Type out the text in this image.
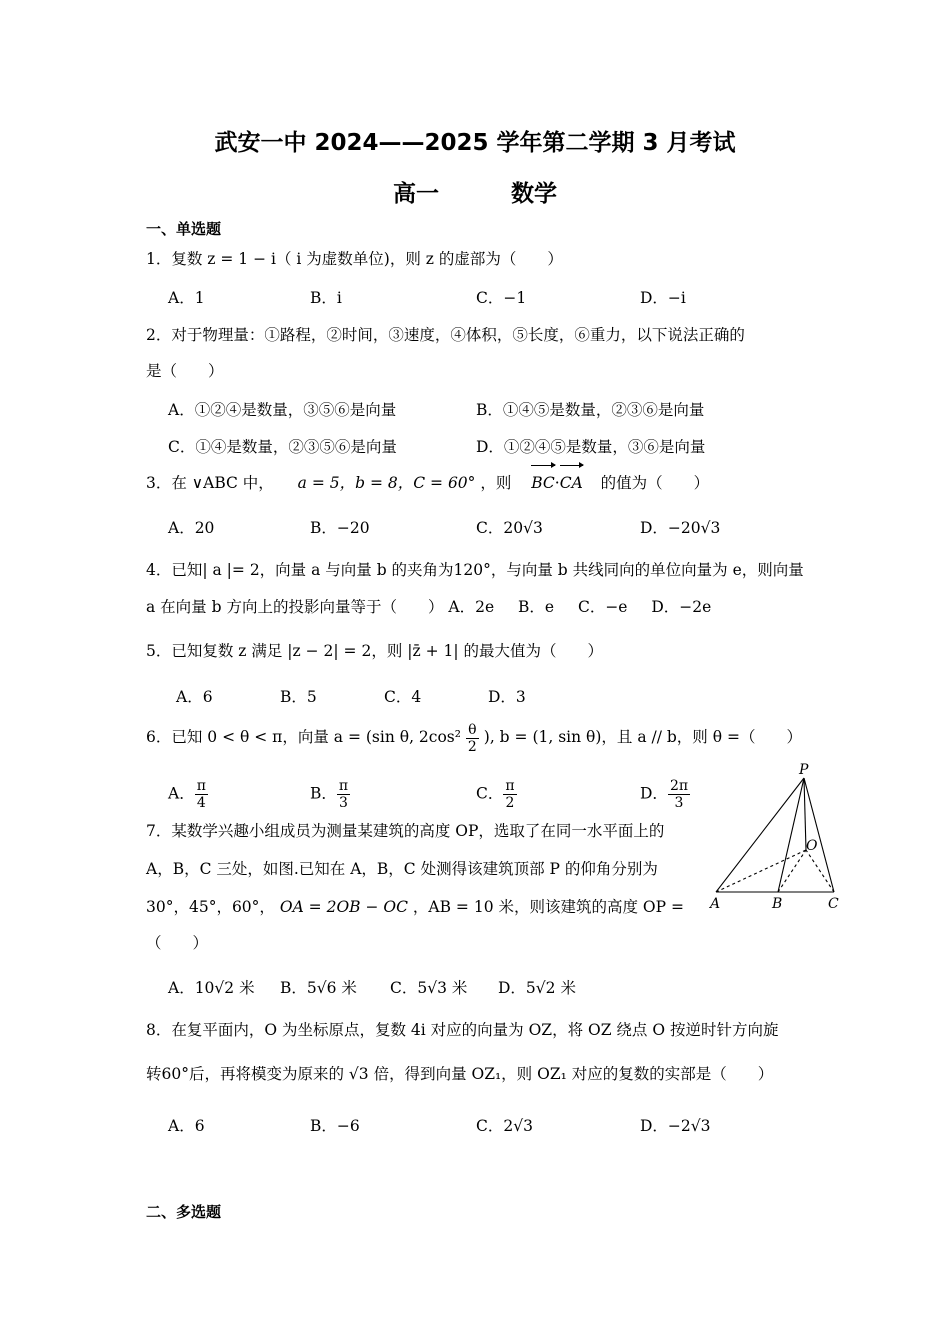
武安一中 2024——2025 学年第二学期 3 月考试
高一	数学
一、单选题
1．复数 z = 1 − i（ i 为虚数单位)，则 z 的虚部为（　　）
A．1	B．i	C．−1	D．−i
2．对于物理量：①路程，②时间，③速度，④体积，⑤长度，⑥重力，以下说法正确的
是（　　）
A．①②④是数量，③⑤⑥是向量	B．①④⑤是数量，②③⑥是向量
C．①④是数量，②③⑤⑥是向量	D．①②④⑤是数量，③⑥是向量
3．在 ∨ABC 中， a = 5，b = 8，C = 60° ，则 BC·CA 的值为（　　）
A．20	B．−20	C．20√3	D．−20√3
4．已知| a |= 2，向量 a 与向量 b 的夹角为120°，与向量 b 共线同向的单位向量为 e，则向量
a 在向量 b 方向上的投影向量等于（　　） A．2e B．e C．−e D．−2e
5．已知复数 z 满足 |z − 2| = 2，则 |z̄ + 1| 的最大值为（　　）
A．6	B．5	C．4	D．3
6．已知 0 < θ < π，向量 a = (sin θ, $2\cos^2 \frac{\theta}{2}$ ), b = (1, sin θ)，且 a // b，则 θ =（　　）
A． $\frac{\pi}{4}$	B． $\frac{\pi}{3}$	C． $\frac{\pi}{2}$	D． $\frac{2\pi}{3}$
7．某数学兴趣小组成员为测量某建筑的高度 OP，选取了在同一水平面上的
A，B，C 三处，如图.已知在 A，B，C 处测得该建筑顶部 P 的仰角分别为
30°，45°，60°， OA = 2OB − OC ，AB = 10 米，则该建筑的高度 OP =
（　　）
P
O
A	B	C
A．10√2 米 B．5√6 米 C．5√3 米 D．5√2 米
8．在复平面内，O 为坐标原点，复数 4i 对应的向量为 OZ，将 OZ 绕点 O 按逆时针方向旋
转60°后，再将模变为原来的 √3 倍，得到向量 OZ₁，则 OZ₁ 对应的复数的实部是（　　）
A．6	B．−6	C．2√3	D．−2√3
二、多选题
